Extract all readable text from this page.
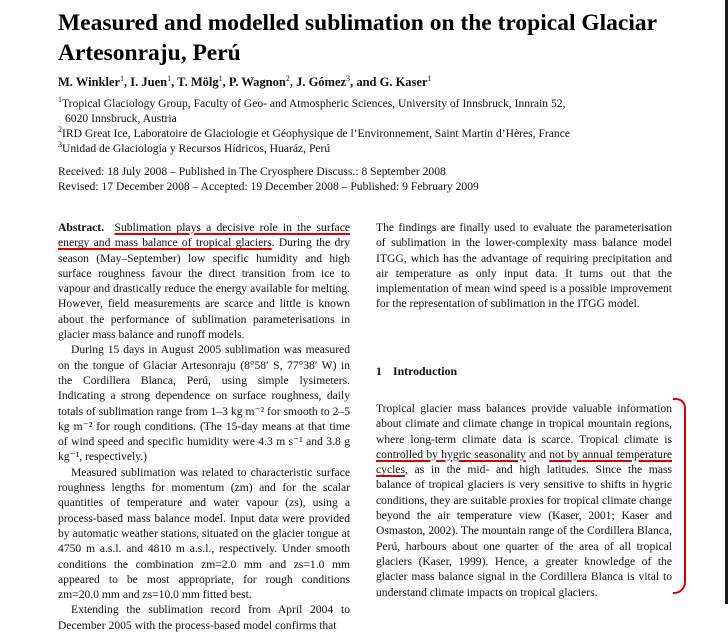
Measured and modelled sublimation on the tropical Glaciar Artesonraju, Perú
M. Winkler$^1$, I. Juen$^1$, T. Mölg$^1$, P. Wagnon$^2$, J. Gómez$^3$, and G. Kaser$^1$
$^1$Tropical Glaciology Group, Faculty of Geo- and Atmospheric Sciences, University of Innsbruck, Innrain 52,
6020 Innsbruck, Austria
$^2$IRD Great Ice, Laboratoire de Glaciologie et Géophysique de l’Environnement, Saint Martin d’Hères, France
$^3$Unidad de Glaciología y Recursos Hídricos, Huaráz, Perú
Received: 18 July 2008 – Published in The Cryosphere Discuss.: 8 September 2008
Revised: 17 December 2008 – Accepted: 19 December 2008 – Published: 9 February 2009

Abstract. Sublimation plays a decisive role in the surface energy and mass balance of tropical glaciers. During the dry season (May–September) low specific humidity and high surface roughness favour the direct transition from ice to vapour and drastically reduce the energy available for melting. However, field measurements are scarce and little is known about the performance of sublimation parameterisations in glacier mass balance and runoff models.

During 15 days in August 2005 sublimation was measured on the tongue of Glaciar Artesonraju (8°58′ S, 77°38′ W) in the Cordillera Blanca, Perú, using simple lysimeters. Indicating a strong dependence on surface roughness, daily totals of sublimation range from 1–3 kg m⁻² for smooth to 2–5 kg m⁻² for rough conditions. (The 15-day means at that time of wind speed and specific humidity were 4.3 m s⁻¹ and 3.8 g kg⁻¹, respectively.)

Measured sublimation was related to characteristic surface roughness lengths for momentum (zm) and for the scalar quantities of temperature and water vapour (zs), using a process-based mass balance model. Input data were provided by automatic weather stations, situated on the glacier tongue at 4750 m a.s.l. and 4810 m a.s.l., respectively. Under smooth conditions the combination zm=2.0 mm and zs=1.0 mm appeared to be most appropriate, for rough conditions zm=20.0 mm and zs=10.0 mm fitted best.

Extending the sublimation record from April 2004 to December 2005 with the process-based model confirms that

The findings are finally used to evaluate the parameterisation of sublimation in the lower-complexity mass balance model ITGG, which has the advantage of requiring precipitation and air temperature as only input data. It turns out that the implementation of mean wind speed is a possible improvement for the representation of sublimation in the ITGG model.

1 Introduction

Tropical glacier mass balances provide valuable information about climate and climate change in tropical mountain regions, where long-term climate data is scarce. Tropical climate is controlled by hygric seasonality and not by annual temperature cycles, as in the mid- and high latitudes. Since the mass balance of tropical glaciers is very sensitive to shifts in hygric conditions, they are suitable proxies for tropical climate change beyond the air temperature view (Kaser, 2001; Kaser and Osmaston, 2002). The mountain range of the Cordillera Blanca, Perú, harbours about one quarter of the area of all tropical glaciers (Kaser, 1999). Hence, a greater knowledge of the glacier mass balance signal in the Cordillera Blanca is vital to understand climate impacts on tropical glaciers.
